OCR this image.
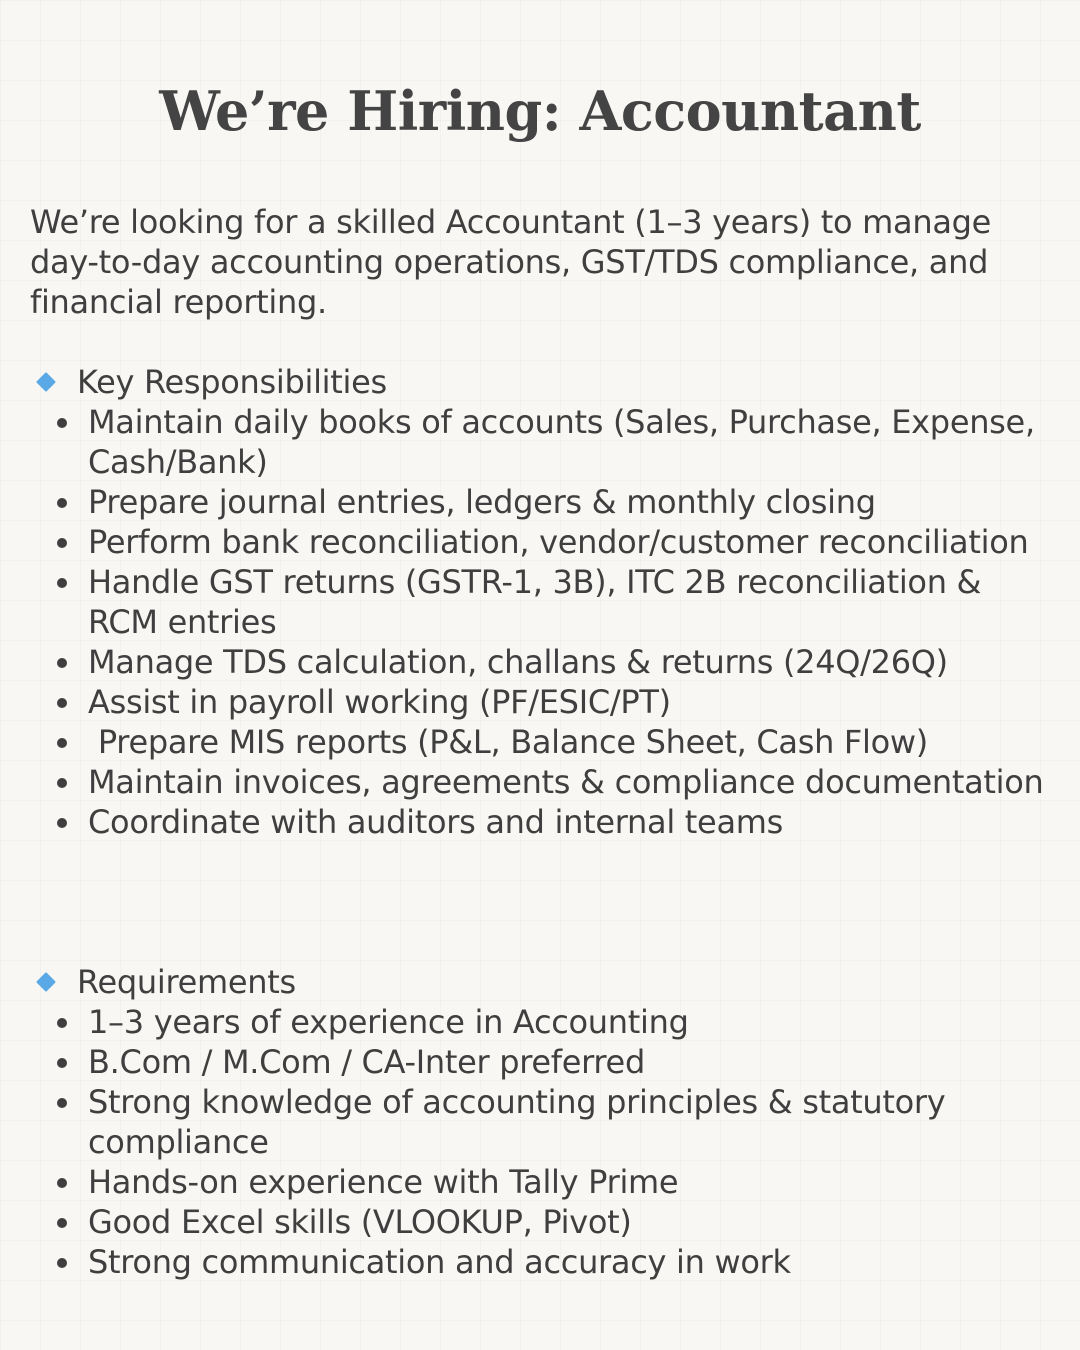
We’re Hiring: Accountant

We’re looking for a skilled Accountant (1–3 years) to manage day-to-day accounting operations, GST/TDS compliance, and financial reporting.

Key Responsibilities
Maintain daily books of accounts (Sales, Purchase, Expense, Cash/Bank)
Prepare journal entries, ledgers & monthly closing
Perform bank reconciliation, vendor/customer reconciliation
Handle GST returns (GSTR-1, 3B), ITC 2B reconciliation & RCM entries
Manage TDS calculation, challans & returns (24Q/26Q)
Assist in payroll working (PF/ESIC/PT)
Prepare MIS reports (P&L, Balance Sheet, Cash Flow)
Maintain invoices, agreements & compliance documentation
Coordinate with auditors and internal teams
Requirements
1–3 years of experience in Accounting
B.Com / M.Com / CA-Inter preferred
Strong knowledge of accounting principles & statutory compliance
Hands-on experience with Tally Prime
Good Excel skills (VLOOKUP, Pivot)
Strong communication and accuracy in work
